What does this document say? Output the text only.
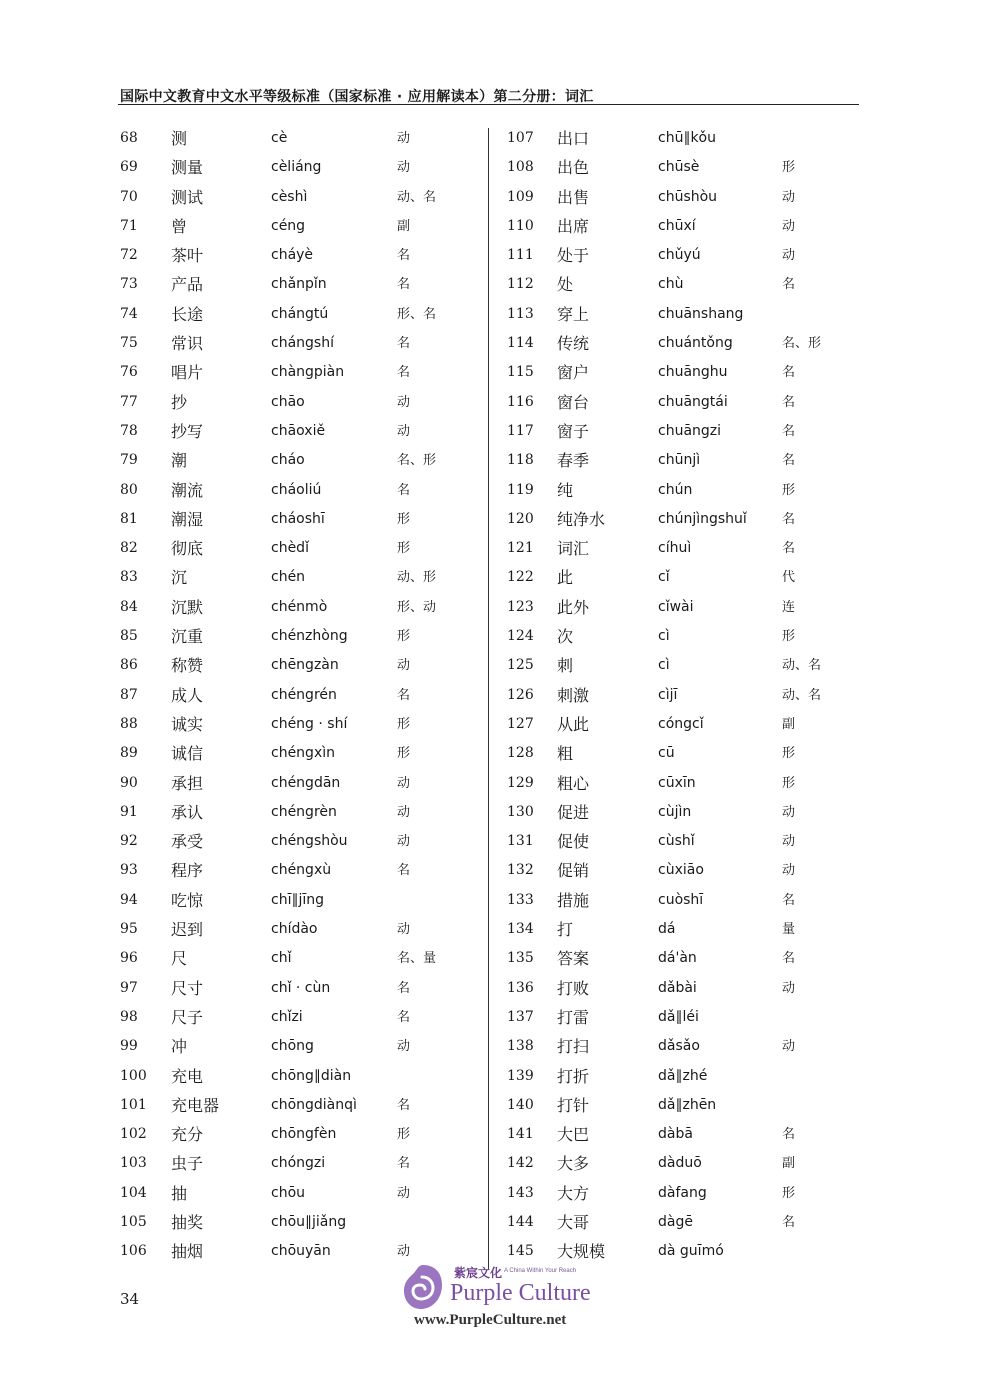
国际中文教育中文水平等级标准（国家标准 · 应用解读本）第二分册：词汇
68 测	cè	动
69 测量	cèliáng	动
70 测试	cèshì	动、名
71 曾	céng	副
72 茶叶	cháyè	名
73 产品	chǎnpǐn	名
74 长途	chángtú	形、名
75 常识	chángshí	名
76 唱片	chàngpiàn	名
77 抄	chāo	动
78 抄写	chāoxiě	动
79 潮	cháo	名、形
80 潮流	cháoliú	名
81 潮湿	cháoshī	形
82 彻底	chèdǐ	形
83 沉	chén	动、形
84 沉默	chénmò	形、动
85 沉重	chénzhòng	形
86 称赞	chēngzàn	动
87 成人	chéngrén	名
88 诚实	chéng · shí	形
89 诚信	chéngxìn	形
90 承担	chéngdān	动
91 承认	chéngrèn	动
92 承受	chéngshòu	动
93 程序	chéngxù	名
94 吃惊	chī∥jīng
95 迟到	chídào	动
96 尺	chǐ	名、量
97 尺寸	chǐ · cùn	名
98 尺子	chǐzi	名
99 冲	chōng	动
100 充电	chōng∥diàn
101 充电器	chōngdiànqì	名
102 充分	chōngfèn	形
103 虫子	chóngzi	名
104 抽	chōu	动
105 抽奖	chōu∥jiǎng
106 抽烟	chōuyān	动
107 出口	chū∥kǒu
108 出色	chūsè	形
109 出售	chūshòu	动
110 出席	chūxí	动
111 处于	chǔyú	动
112 处	chù	名
113 穿上	chuānshang
114 传统	chuántǒng	名、形
115 窗户	chuānghu	名
116 窗台	chuāngtái	名
117 窗子	chuāngzi	名
118 春季	chūnjì	名
119 纯	chún	形
120 纯净水	chúnjìngshuǐ	名
121 词汇	cíhuì	名
122 此	cǐ	代
123 此外	cǐwài	连
124 次	cì	形
125 刺	cì	动、名
126 刺激	cìjī	动、名
127 从此	cóngcǐ	副
128 粗	cū	形
129 粗心	cūxīn	形
130 促进	cùjìn	动
131 促使	cùshǐ	动
132 促销	cùxiāo	动
133 措施	cuòshī	名
134 打	dá	量
135 答案	dá'àn	名
136 打败	dǎbài	动
137 打雷	dǎ∥léi
138 打扫	dǎsǎo	动
139 打折	dǎ∥zhé
140 打针	dǎ∥zhēn
141 大巴	dàbā	名
142 大多	dàduō	副
143 大方	dàfang	形
144 大哥	dàgē	名
145 大规模	dà guīmó
34
紫宸文化 A China Within Your Reach
Purple Culture
www.PurpleCulture.net
